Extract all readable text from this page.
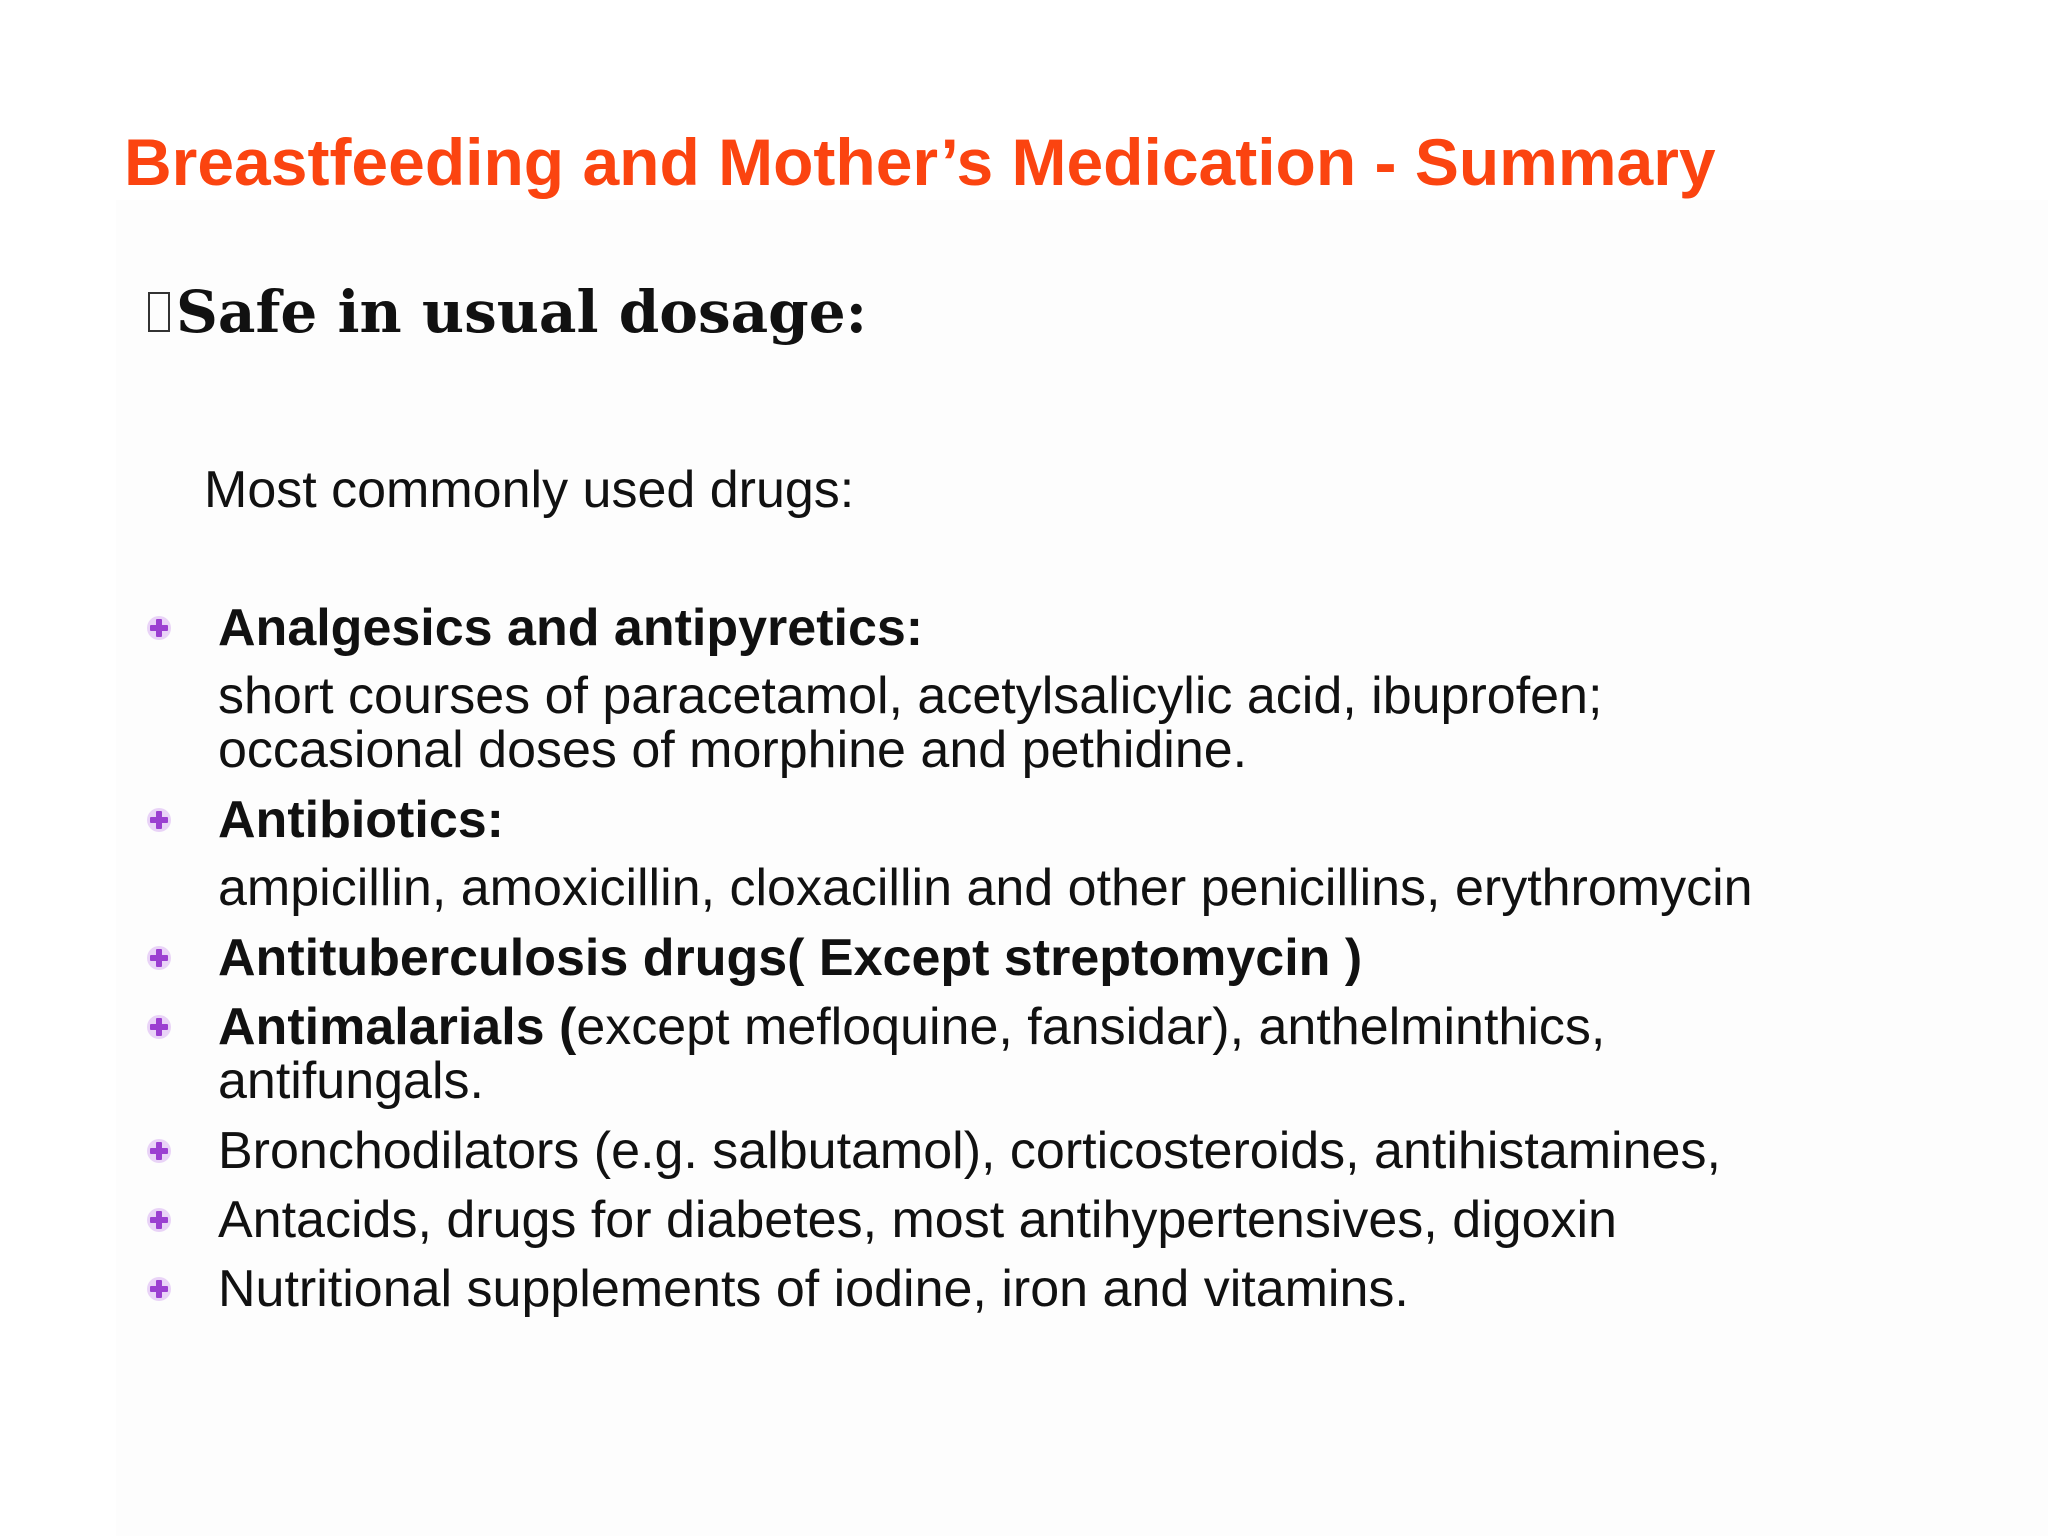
Breastfeeding and Mother’s Medication - Summary
Safe in usual dosage:

Most commonly used drugs:

Analgesics and antipyretics:

short courses of paracetamol, acetylsalicylic acid, ibuprofen;

occasional doses of morphine and pethidine.

Antibiotics:

ampicillin, amoxicillin, cloxacillin and other penicillins, erythromycin

Antituberculosis drugs( Except streptomycin )

Antimalarials (except mefloquine, fansidar), anthelminthics,

antifungals.

Bronchodilators (e.g. salbutamol), corticosteroids, antihistamines,

Antacids, drugs for diabetes, most antihypertensives, digoxin

Nutritional supplements of iodine, iron and vitamins.
